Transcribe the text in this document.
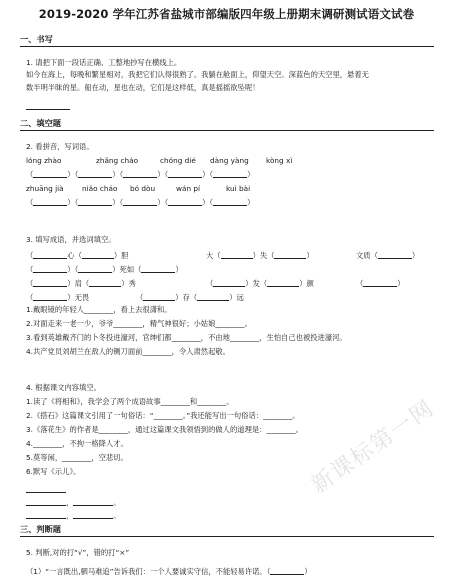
2019-2020 学年江苏省盐城市部编版四年级上册期末调研测试语文试卷
一、书写
1. 请把下面一段话正确、工整地抄写在横线上。
如今在海上，每晚和繁星相对，我把它们认得很熟了。我躺在舱面上，仰望天空。深蓝色的天空里，悬着无
数半明半昧的星。船在动，星也在动，它们是这样低，真是摇摇欲坠呢！
二、填空题
2. 看拼音，写词语。
lóng zhào	zhǎng cháo	chóng dié dàng yàng kòng xì
（	）（	）（	）（	）（	）
zhuāng jià	niǎo cháo bó dòu	wán pí	kuì bài
（	）（	）（	）（	）（	）
3. 填写成语，并选词填空。
（	心（	）胆	大（	）失（	）	文质（	）
（	）（	）死如（	）
（	）肩（	）秀	（	）发（	）颜	（	）
（	）无畏	（	）存（	）远
1.戴眼镜的年轻人________，看上去很潇和。
2.对面走来一老一少，爷爷________，精气神很好；小姑娘________。
3.看到英雄戴齐门的卜冬投进濠河，官绅们都________，不由地________，生怕自己也被投进濠河。
4.共产党员刘胡兰在敌人的铡刀面前________，令人肃然起敬。
4. 根据课文内容填空。
1.读了《将相和》，我学会了两个成语故事________和________。
2.《搭石》这篇课文引用了一句俗话：“________。”我还能写出一句俗话：________。
3.《落花生》的作者是________，通过这篇课文我领悟到的做人的道理是：________。
4.________，不拘一格降人才。
5.莫等闲，________，空悲切。
6.默写《示儿》。
，	。
，	。
三、判断题
5. 判断,对的打“√”，错的打“×”
（1）“一言既出,驷马难追”告诉我们：一个人要诚实守信，不能轻易许诺。（	）
新课标第一网
